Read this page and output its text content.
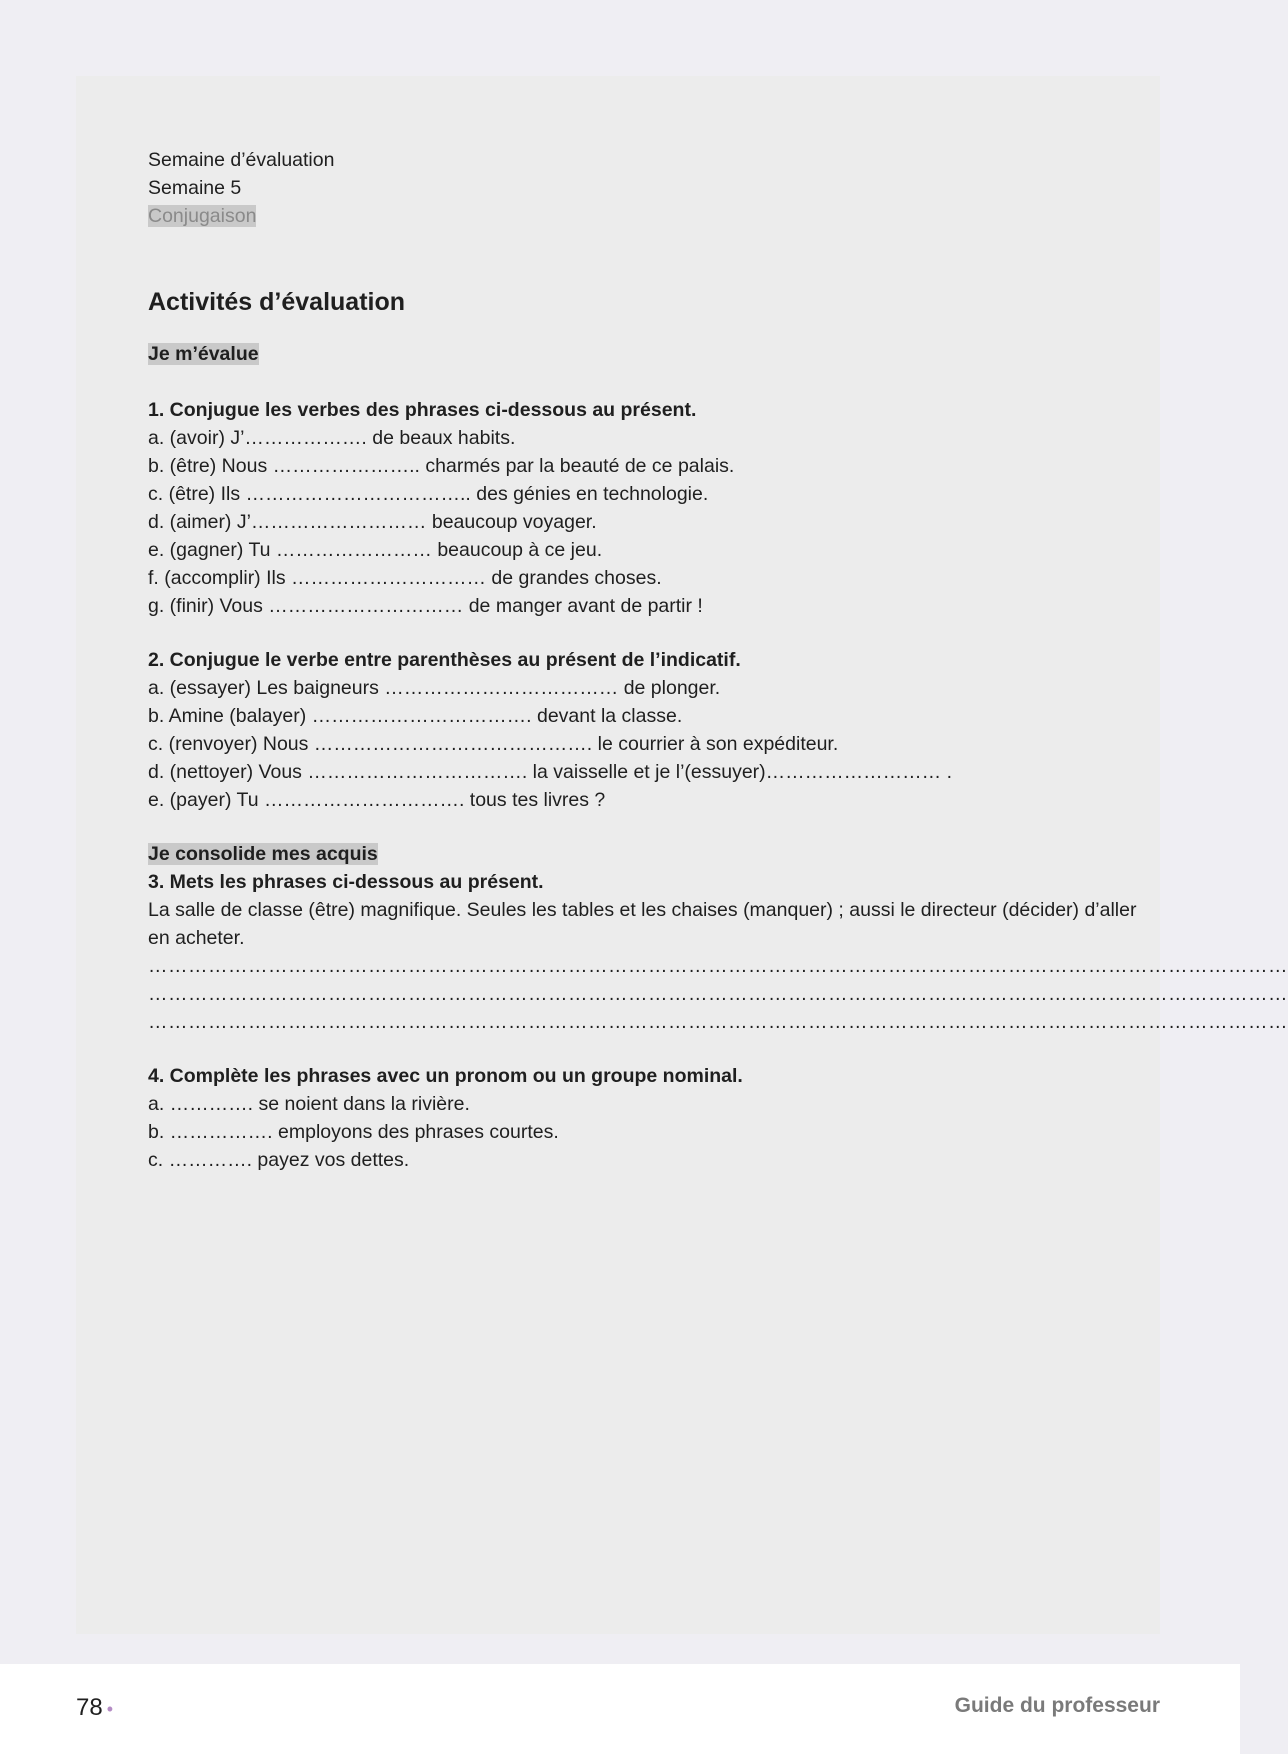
Semaine d’évaluation
Semaine 5
Conjugaison
Activités d’évaluation
Je m’évalue
1. Conjugue les verbes des phrases ci-dessous au présent.
a. (avoir) J’………………. de beaux habits.
b. (être) Nous ………………….. charmés par la beauté de ce palais.
c. (être) Ils …………………………….. des génies en technologie.
d. (aimer) J’……………………… beaucoup voyager.
e. (gagner) Tu …………………… beaucoup à ce jeu.
f. (accomplir) Ils ………………………… de grandes choses.
g. (finir) Vous ………………………… de manger avant de partir !
2. Conjugue le verbe entre parenthèses au présent de l’indicatif.
a. (essayer) Les baigneurs ……………………………… de plonger.
b. Amine (balayer) ……………………………. devant la classe.
c. (renvoyer) Nous ……………………………………. le courrier à son expéditeur.
d. (nettoyer) Vous ……………………………. la vaisselle et je l’(essuyer)……………………… .
e. (payer) Tu …………………………. tous tes livres ?
Je consolide mes acquis
3. Mets les phrases ci-dessous au présent.
La salle de classe (être) magnifique. Seules les tables et les chaises (manquer) ; aussi le directeur (décider) d’aller en acheter.
………………………………………………………………………………………………………………………………………………………
………………………………………………………………………………………………………………………………………………………
………………………………………………………………………………………………………………………………………………………
4. Complète les phrases avec un pronom ou un groupe nominal.
a. …………. se noient dans la rivière.
b. ……………. employons des phrases courtes.
c. …………. payez vos dettes.
78 •	Guide du professeur
